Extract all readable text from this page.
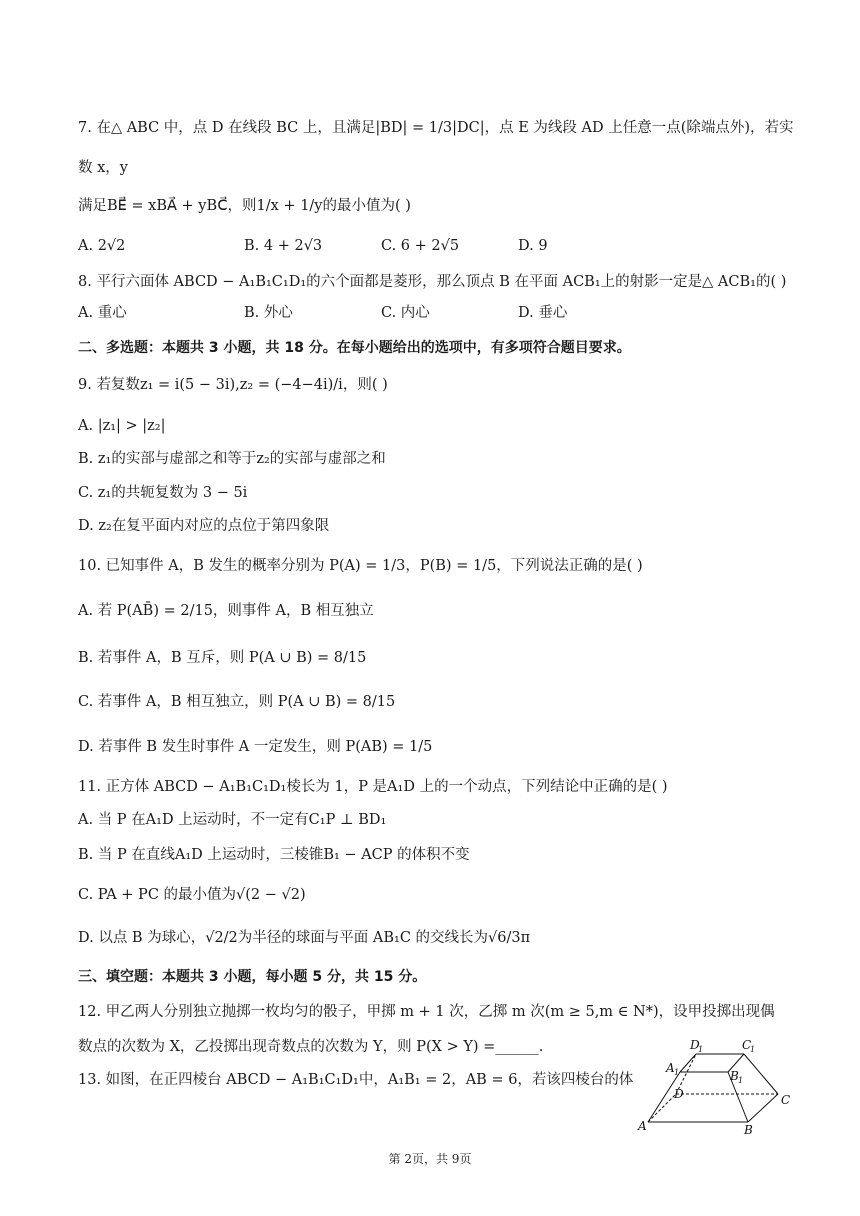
7. 在△ ABC 中，点 D 在线段 BC 上，且满足|BD| = 1/3|DC|，点 E 为线段 AD 上任意一点(除端点外)，若实
数 x，y
满足BE⃗ = xBA⃗ + yBC⃗，则1/x + 1/y的最小值为( )
A. 2√2	B. 4 + 2√3	C. 6 + 2√5	D. 9
8. 平行六面体 ABCD − A₁B₁C₁D₁的六个面都是菱形，那么顶点 B 在平面 ACB₁上的射影一定是△ ACB₁的( )
A. 重心	B. 外心	C. 内心	D. 垂心
二、多选题：本题共 3 小题，共 18 分。在每小题给出的选项中，有多项符合题目要求。
9. 若复数z₁ = i(5 − 3i),z₂ = (−4−4i)/i，则( )
A. |z₁| > |z₂|
B. z₁的实部与虚部之和等于z₂的实部与虚部之和
C. z₁的共轭复数为 3 − 5i
D. z₂在复平面内对应的点位于第四象限
10. 已知事件 A，B 发生的概率分别为 P(A) = 1/3，P(B) = 1/5，下列说法正确的是( )
A. 若 P(AB̄) = 2/15，则事件 A，B 相互独立
B. 若事件 A，B 互斥，则 P(A ∪ B) = 8/15
C. 若事件 A，B 相互独立，则 P(A ∪ B) = 8/15
D. 若事件 B 发生时事件 A 一定发生，则 P(AB) = 1/5
11. 正方体 ABCD − A₁B₁C₁D₁棱长为 1，P 是A₁D 上的一个动点，下列结论中正确的是( )
A. 当 P 在A₁D 上运动时，不一定有C₁P ⊥ BD₁
B. 当 P 在直线A₁D 上运动时，三棱锥B₁ − ACP 的体积不变
C. PA + PC 的最小值为√(2 − √2)
D. 以点 B 为球心，√2/2为半径的球面与平面 AB₁C 的交线长为√6/3π
三、填空题：本题共 3 小题，每小题 5 分，共 15 分。
12. 甲乙两人分别独立抛掷一枚均匀的骰子，甲掷 m + 1 次，乙掷 m 次(m ≥ 5,m ∈ N*)，设甲投掷出现偶
数点的次数为 X，乙投掷出现奇数点的次数为 Y，则 P(X > Y) =______.
13. 如图，在正四棱台 ABCD − A₁B₁C₁D₁中，A₁B₁ = 2，AB = 6，若该四棱台的体
A	B
C
D
A 1	B 1
C
1
D
1
第 2页，共 9页
